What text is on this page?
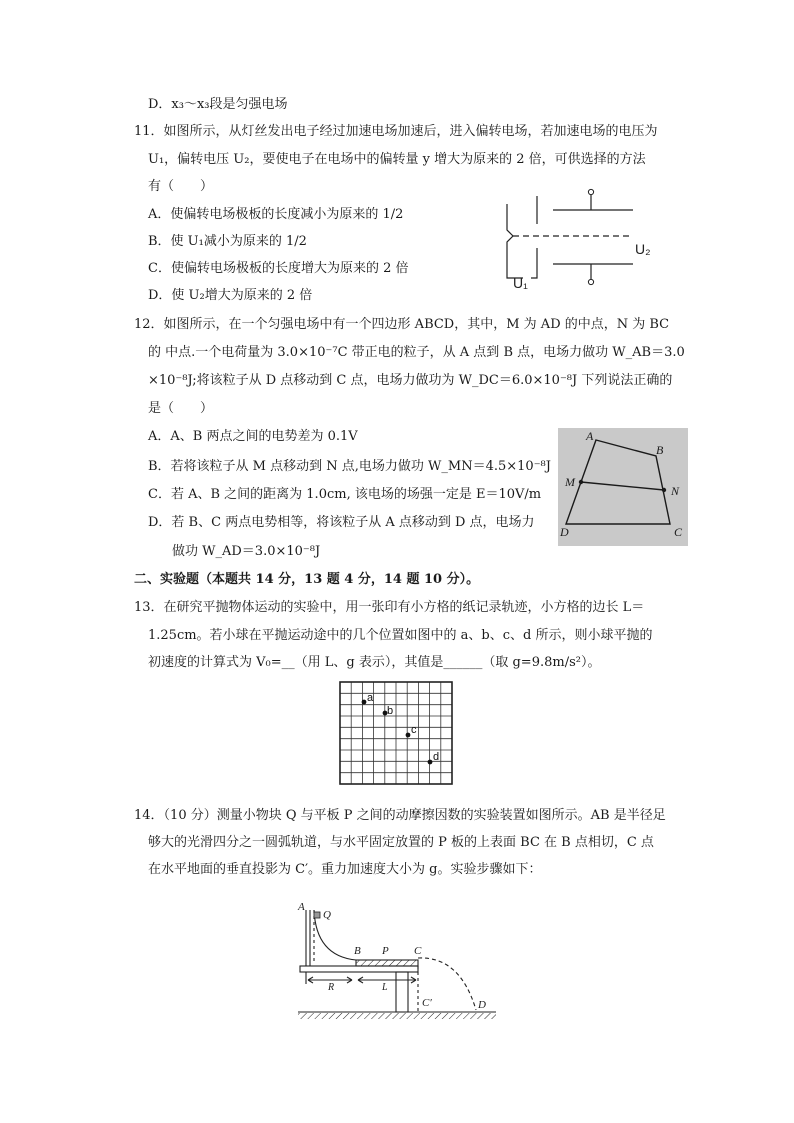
D．x₃～x₃段是匀强电场
11．如图所示，从灯丝发出电子经过加速电场加速后，进入偏转电场，若加速电场的电压为
U₁，偏转电压 U₂，要使电子在电场中的偏转量 y 增大为原来的 2 倍，可供选择的方法
有（　　）
A．使偏转电场极板的长度减小为原来的 1/2
B．使 U₁减小为原来的 1/2
C．使偏转电场极板的长度增大为原来的 2 倍
D．使 U₂增大为原来的 2 倍
U₂
U₁
12．如图所示，在一个匀强电场中有一个四边形 ABCD，其中，M 为 AD 的中点，N 为 BC
的 中点.一个电荷量为 3.0×10⁻⁷C 带正电的粒子，从 A 点到 B 点，电场力做功 W_AB＝3.0
×10⁻⁸J;将该粒子从 D 点移动到 C 点，电场力做功为 W_DC＝6.0×10⁻⁸J 下列说法正确的
是（　　）
A．A、B 两点之间的电势差为 0.1V
B．若将该粒子从 M 点移动到 N 点,电场力做功 W_MN＝4.5×10⁻⁸J
C．若 A、B 之间的距离为 1.0cm, 该电场的场强一定是 E＝10V/m
D．若 B、C 两点电势相等，将该粒子从 A 点移动到 D 点，电场力
做功 W_AD＝3.0×10⁻⁸J
A
B
C
D
M
N
二、实验题（本题共 14 分，13 题 4 分，14 题 10 分）。
13．在研究平抛物体运动的实验中，用一张印有小方格的纸记录轨迹，小方格的边长 L＝
1.25cm。若小球在平抛运动途中的几个位置如图中的 a、b、c、d 所示，则小球平抛的
初速度的计算式为 V₀=__（用 L、g 表示），其值是______（取 g=9.8m/s²）。
a
b
c
d
14．（10 分）测量小物块 Q 与平板 P 之间的动摩擦因数的实验装置如图所示。AB 是半径足
够大的光滑四分之一圆弧轨道，与水平固定放置的 P 板的上表面 BC 在 B 点相切，C 点
在水平地面的垂直投影为 C′。重力加速度大小为 g。实验步骤如下：
A
Q
B P C
R	L
C′	D
